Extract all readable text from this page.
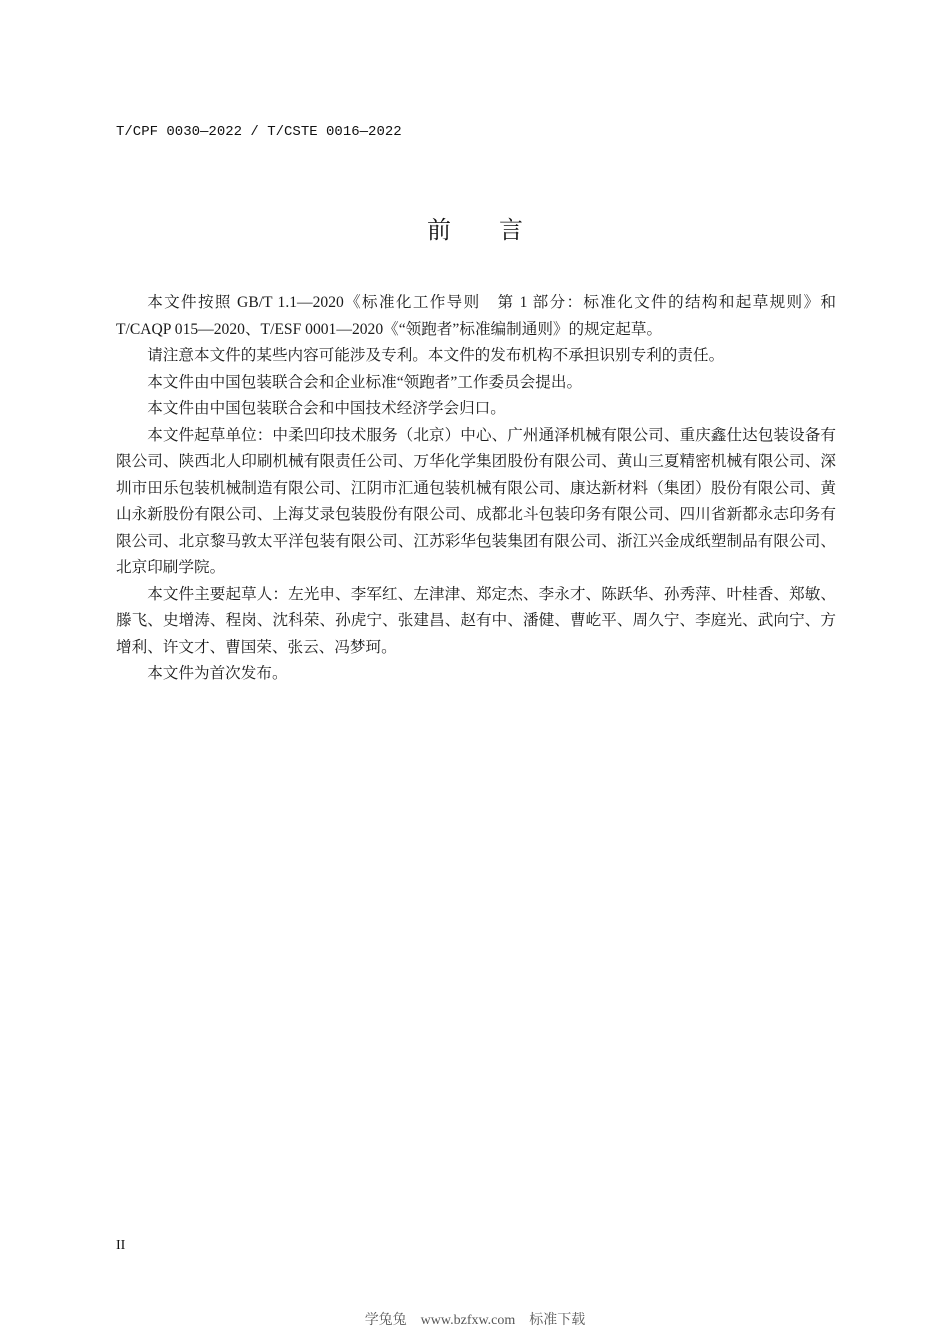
T/CPF 0030—2022 / T/CSTE 0016—2022
前言

本文件按照 GB/T 1.1—2020《标准化工作导则　第 1 部分：标准化文件的结构和起草规则》和 T/CAQP 015—2020、T/ESF 0001—2020《“领跑者”标准编制通则》的规定起草。

请注意本文件的某些内容可能涉及专利。本文件的发布机构不承担识别专利的责任。

本文件由中国包装联合会和企业标准“领跑者”工作委员会提出。

本文件由中国包装联合会和中国技术经济学会归口。

本文件起草单位：中柔凹印技术服务（北京）中心、广州通泽机械有限公司、重庆鑫仕达包装设备有限公司、陕西北人印刷机械有限责任公司、万华化学集团股份有限公司、黄山三夏精密机械有限公司、深圳市田乐包装机械制造有限公司、江阴市汇通包装机械有限公司、康达新材料（集团）股份有限公司、黄山永新股份有限公司、上海艾录包装股份有限公司、成都北斗包装印务有限公司、四川省新都永志印务有限公司、北京黎马敦太平洋包装有限公司、江苏彩华包装集团有限公司、浙江兴金成纸塑制品有限公司、北京印刷学院。

本文件主要起草人：左光申、李军红、左津津、郑定杰、李永才、陈跃华、孙秀萍、叶桂香、郑敏、滕飞、史增涛、程岗、沈科荣、孙虎宁、张建昌、赵有中、潘健、曹屹平、周久宁、李庭光、武向宁、方增利、许文才、曹国荣、张云、冯梦珂。

本文件为首次发布。

II
学兔兔　www.bzfxw.com　标准下载
